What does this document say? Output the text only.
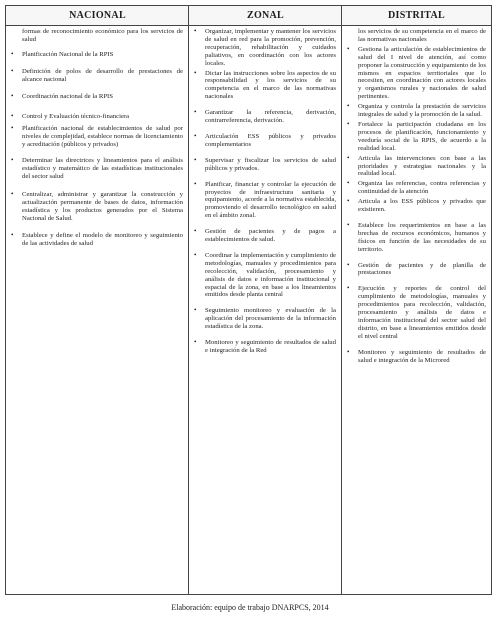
NACIONAL	ZONAL	DISTRITAL
formas de reconocimiento económico para los servicios de salud
• Planificación Nacional de la RPIS
• Definición de polos de desarrollo de prestaciones de alcance nacional
• Coordinación nacional de la RPIS
• Control y Evaluación técnico-financiera
• Planificación nacional de establecimientos de salud por niveles de complejidad, establece normas de licenciamiento y acreditación (públicos y privados)
• Determinar las directrices y lineamientos para el análisis estadístico y matemático de las estadísticas institucionales del sector salud
• Centralizar, administrar y garantizar la construcción y actualización permanente de bases de datos, información estadística y los productos generados por el Sistema Nacional de Salud.
• Establece y define el modelo de monitoreo y seguimiento de las actividades de salud
• Organizar, implementar y mantener los servicios de salud en red para la promoción, prevención, recuperación, rehabilitación y cuidados paliativos, en coordinación con los actores locales.
• Dictar las instrucciones sobre los aspectos de su responsabilidad y los servicios de su competencia en el marco de las normativas nacionales
• Garantizar la referencia, derivación, contrarreferencia, derivación.
• Articulación ESS públicos y privados complementarios
• Supervisar y fiscalizar los servicios de salud públicos y privados.
• Planificar, financiar y controlar la ejecución de proyectos de infraestructura sanitaria y equipamiento, acorde a la normativa establecida, promoviendo el desarrollo tecnológico en salud en el ámbito zonal.
• Gestión de pacientes y de pagos a establecimientos de salud.
• Coordinar la implementación y cumplimiento de metodologías, manuales y procedimientos para recolección, validación, procesamiento y análisis de datos e información institucional y espacial de la zona, en base a los lineamientos emitidos desde planta central
• Seguimiento monitoreo y evaluación de la aplicación del procesamiento de la información estadística de la zona.
• Monitoreo y seguimiento de resultados de salud e integración de la Red
los servicios de su competencia en el marco de las normativas nacionales
• Gestiona la articulación de establecimientos de salud del I nivel de atención, así como proponer la construcción y equipamiento de los mismos en espacios territoriales que lo necesiten, en coordinación con actores locales y organismos rurales y nacionales de salud pertinentes.
• Organiza y controla la prestación de servicios integrales de salud y la promoción de la salud.
• Fortalece la participación ciudadana en los procesos de planificación, funcionamiento y veeduría social de la RPIS, de acuerdo a la realidad local.
• Articula las intervenciones con base a las prioridades y estrategias nacionales y la realidad local.
• Organiza las referencias, contra referencias y continuidad de la atención
• Articula a los ESS públicos y privados que existieren.
• Establece los requerimientos en base a las brechas de recursos económicos, humanos y físicos en función de las necesidades de su territorio.
• Gestión de pacientes y de planilla de prestaciones
• Ejecución y reportes de control del cumplimiento de metodologías, manuales y procedimientos para recolección, validación, procesamiento y análisis de datos e información institucional del sector salud del distrito, en base a lineamientos emitidos desde el nivel central
• Monitoreo y seguimiento de resultados de salud e integración de la Microred
Elaboración: equipo de trabajo DNARPCS, 2014
